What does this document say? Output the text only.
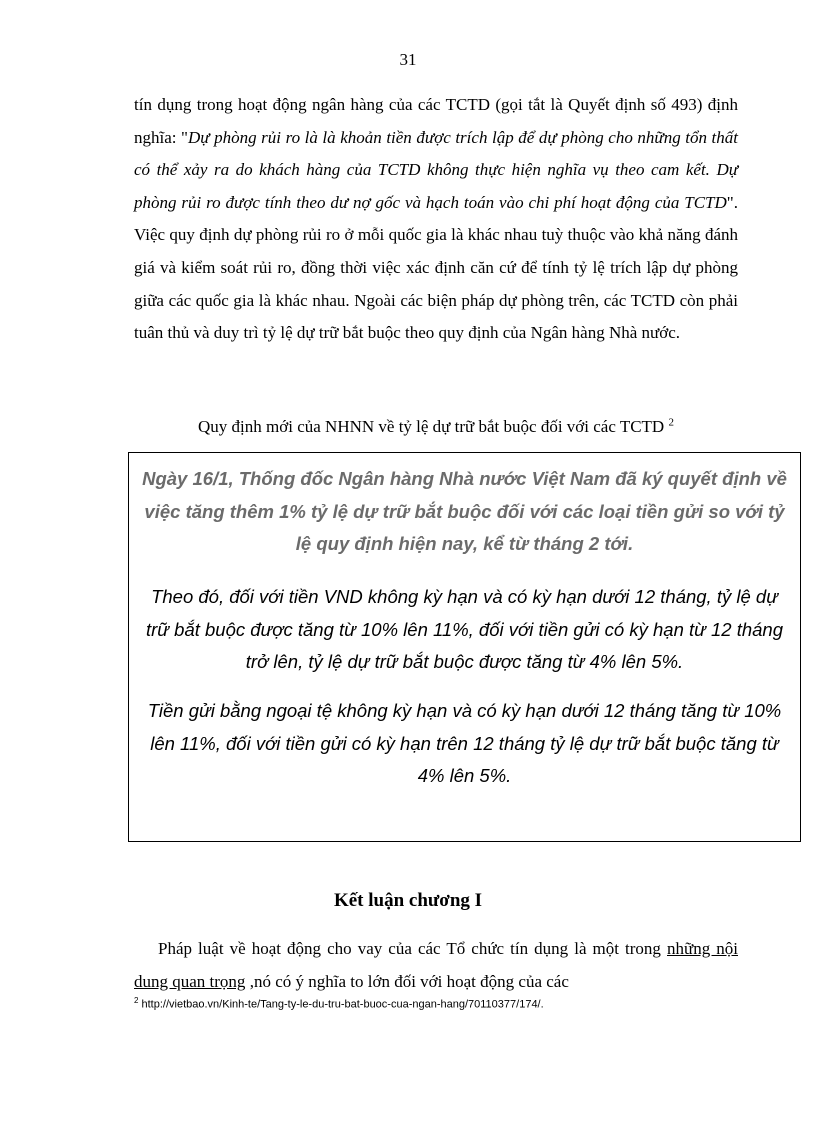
31
tín dụng trong hoạt động ngân hàng của các TCTD (gọi tắt là Quyết định số 493) định nghĩa: "Dự phòng rủi ro là là khoản tiền được trích lập để dự phòng cho những tổn thất có thể xảy ra do khách hàng của TCTD không thực hiện nghĩa vụ theo cam kết. Dự phòng rủi ro được tính theo dư nợ gốc và hạch toán vào chi phí hoạt động của TCTD". Việc quy định dự phòng rủi ro ở mỗi quốc gia là khác nhau tuỳ thuộc vào khả năng đánh giá và kiểm soát rủi ro, đồng thời việc xác định căn cứ để tính tỷ lệ trích lập dự phòng giữa các quốc gia là khác nhau. Ngoài các biện pháp dự phòng trên, các TCTD còn phải tuân thủ và duy trì tỷ lệ dự trữ bắt buộc theo quy định của Ngân hàng Nhà nước.
Quy định mới của NHNN về tỷ lệ dự trữ bắt buộc đối với các TCTD $^2$

Ngày 16/1, Thống đốc Ngân hàng Nhà nước Việt Nam đã ký quyết định về việc tăng thêm 1% tỷ lệ dự trữ bắt buộc đối với các loại tiền gửi so với tỷ lệ quy định hiện nay, kể từ tháng 2 tới.

Theo đó, đối với tiền VND không kỳ hạn và có kỳ hạn dưới 12 tháng, tỷ lệ dự trữ bắt buộc được tăng từ 10% lên 11%, đối với tiền gửi có kỳ hạn từ 12 tháng trở lên, tỷ lệ dự trữ bắt buộc được tăng từ 4% lên 5%.

Tiền gửi bằng ngoại tệ không kỳ hạn và có kỳ hạn dưới 12 tháng tăng từ 10% lên 11%, đối với tiền gửi có kỳ hạn trên 12 tháng tỷ lệ dự trữ bắt buộc tăng từ 4% lên 5%.

Kết luận chương I
Pháp luật về hoạt động cho vay của các Tổ chức tín dụng là một trong những nội dung quan trọng ,nó có ý nghĩa to lớn đối với hoạt động của các
$^2$ http://vietbao.vn/Kinh-te/Tang-ty-le-du-tru-bat-buoc-cua-ngan-hang/70110377/174/.
